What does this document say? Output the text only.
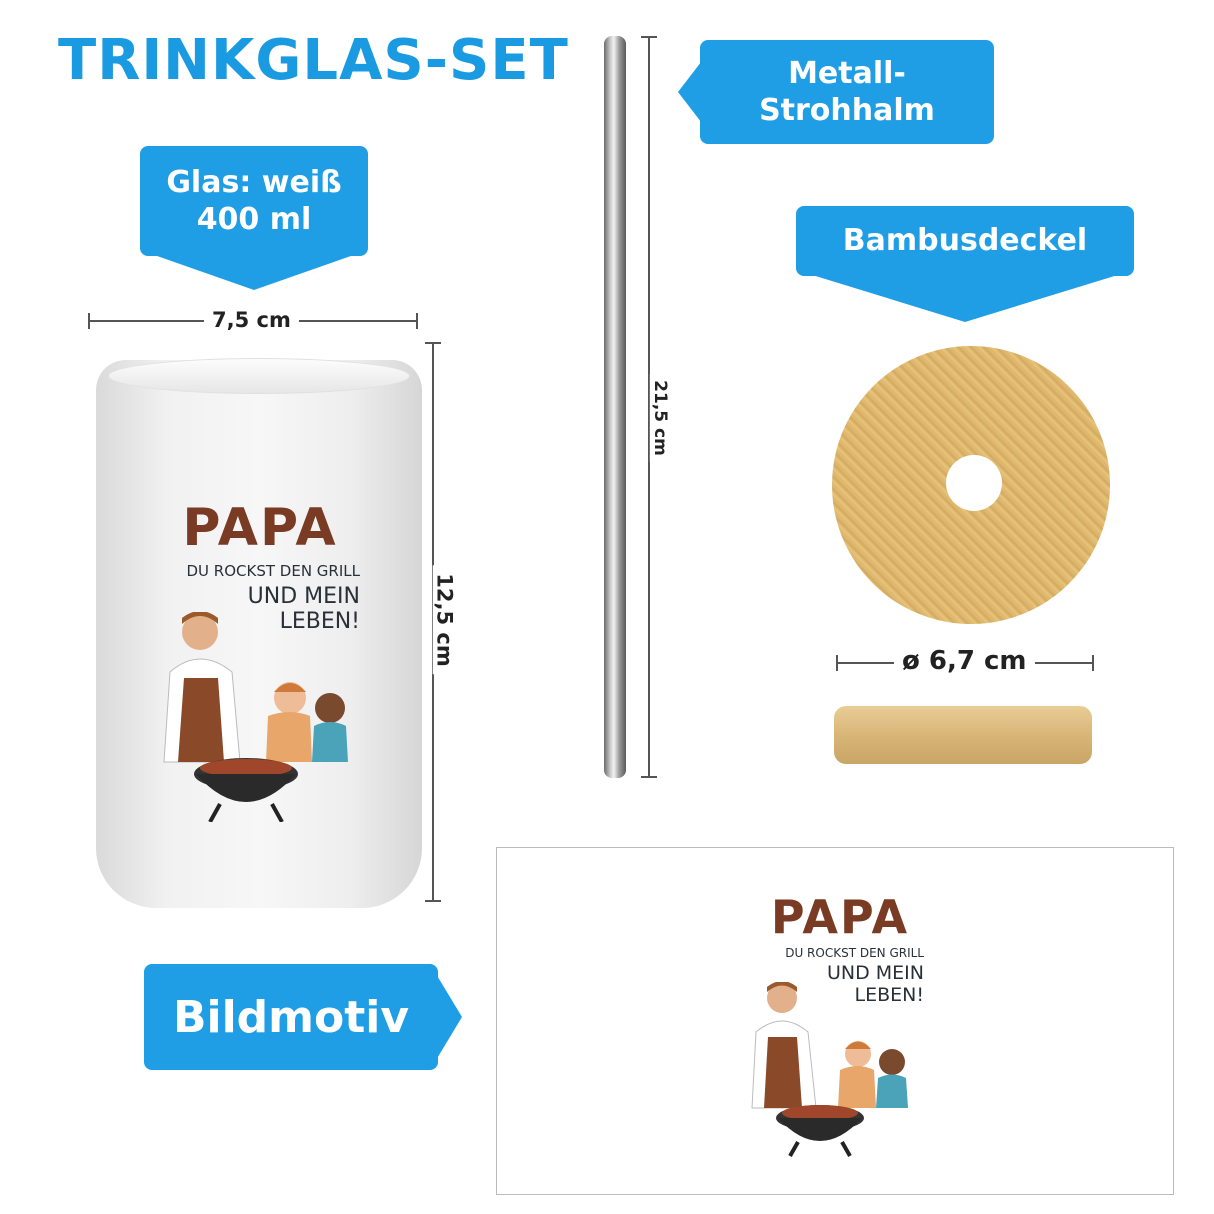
TRINKGLAS-SET
Glas: weiß
400 ml
7,5 cm
PAPA
DU ROCKST DEN GRILL
UND MEIN
LEBEN!	12,5 cm
21,5 cm
Metall-
Strohhalm
Bambusdeckel
ø 6,7 cm
Bildmotiv
PAPA
DU ROCKST DEN GRILL
UND MEIN
LEBEN!
